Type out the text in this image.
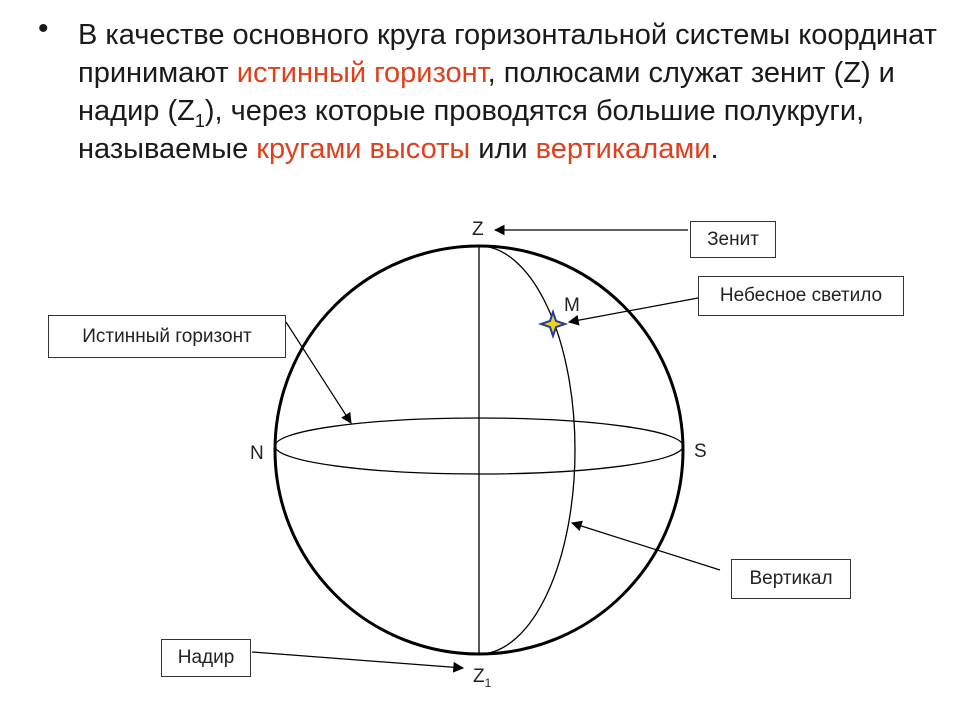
• В качестве основного круга горизонтальной системы координат принимают истинный горизонт, полюсами служат зенит (Z) и надир $(Z_1)$, через которые проводятся большие полукруги, называемые кругами высоты или вертикалами.
Z
N	S
M
$Z_1$
Зенит
Небесное светило
Истинный горизонт
Вертикал
Надир
